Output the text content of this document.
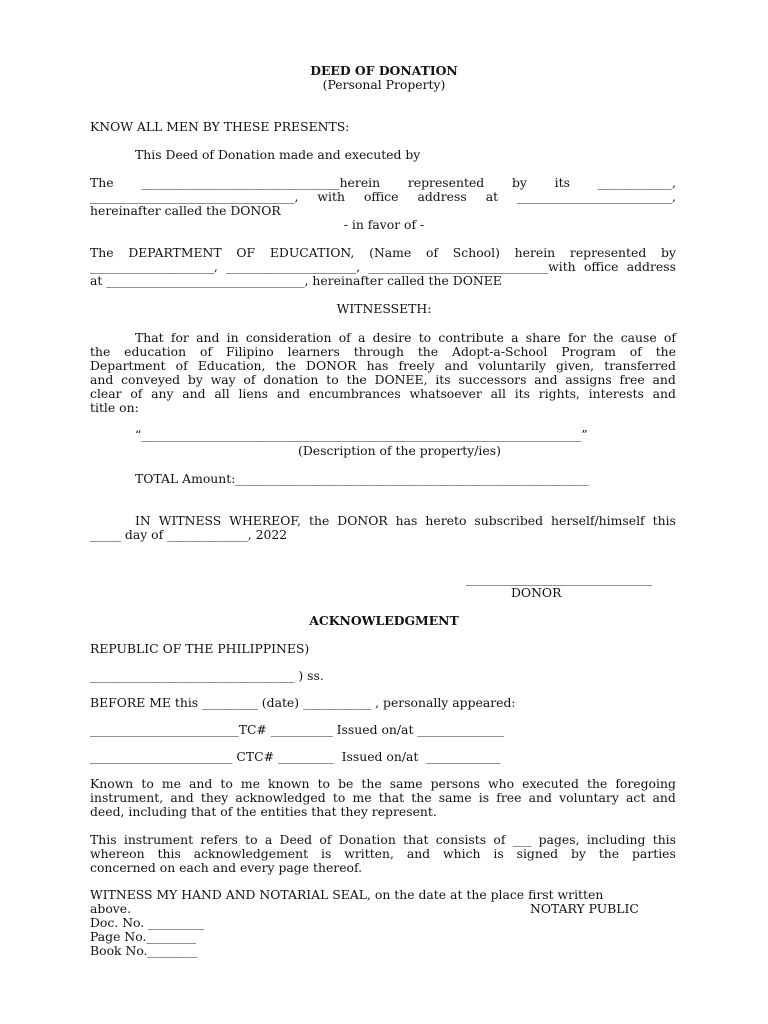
DEED OF DONATION
(Personal Property)
KNOW ALL MEN BY THESE PRESENTS:
This Deed of Donation made and executed by
The ________________________________herein represented by its ____________,
_________________________________, with office address at _________________________,
hereinafter called the DONOR
- in favor of -
The DEPARTMENT OF EDUCATION, (Name of School) herein represented by
____________________, _____________________, _____________________________with office address
at ________________________________, hereinafter called the DONEE
WITNESSETH:
That for and in consideration of a desire to contribute a share for the cause of
the education of Filipino learners through the Adopt-a-School Program of the
Department of Education, the DONOR has freely and voluntarily given, transferred
and conveyed by way of donation to the DONEE, its successors and assigns free and
clear of any and all liens and encumbrances whatsoever all its rights, interests and
title on:
“_______________________________________________________________________”
(Description of the property/ies)
TOTAL Amount:_________________________________________________________
IN WITNESS WHEREOF, the DONOR has hereto subscribed herself/himself this
_____ day of _____________, 2022
______________________________
DONOR
ACKNOWLEDGMENT
REPUBLIC OF THE PHILIPPINES)
_________________________________ ) ss.
BEFORE ME this _________ (date) ___________ , personally appeared:
________________________TC# __________ Issued on/at ______________
_______________________ CTC# _________  Issued on/at  ____________
Known to me and to me known to be the same persons who executed the foregoing
instrument, and they acknowledged to me that the same is free and voluntary act and
deed, including that of the entities that they represent.
This instrument refers to a Deed of Donation that consists of ___ pages, including this
whereon this acknowledgement is written, and which is signed by the parties
concerned on each and every page thereof.
WITNESS MY HAND AND NOTARIAL SEAL, on the date at the place first written
above.	NOTARY PUBLIC
Doc. No. _________
Page No.________
Book No.________
